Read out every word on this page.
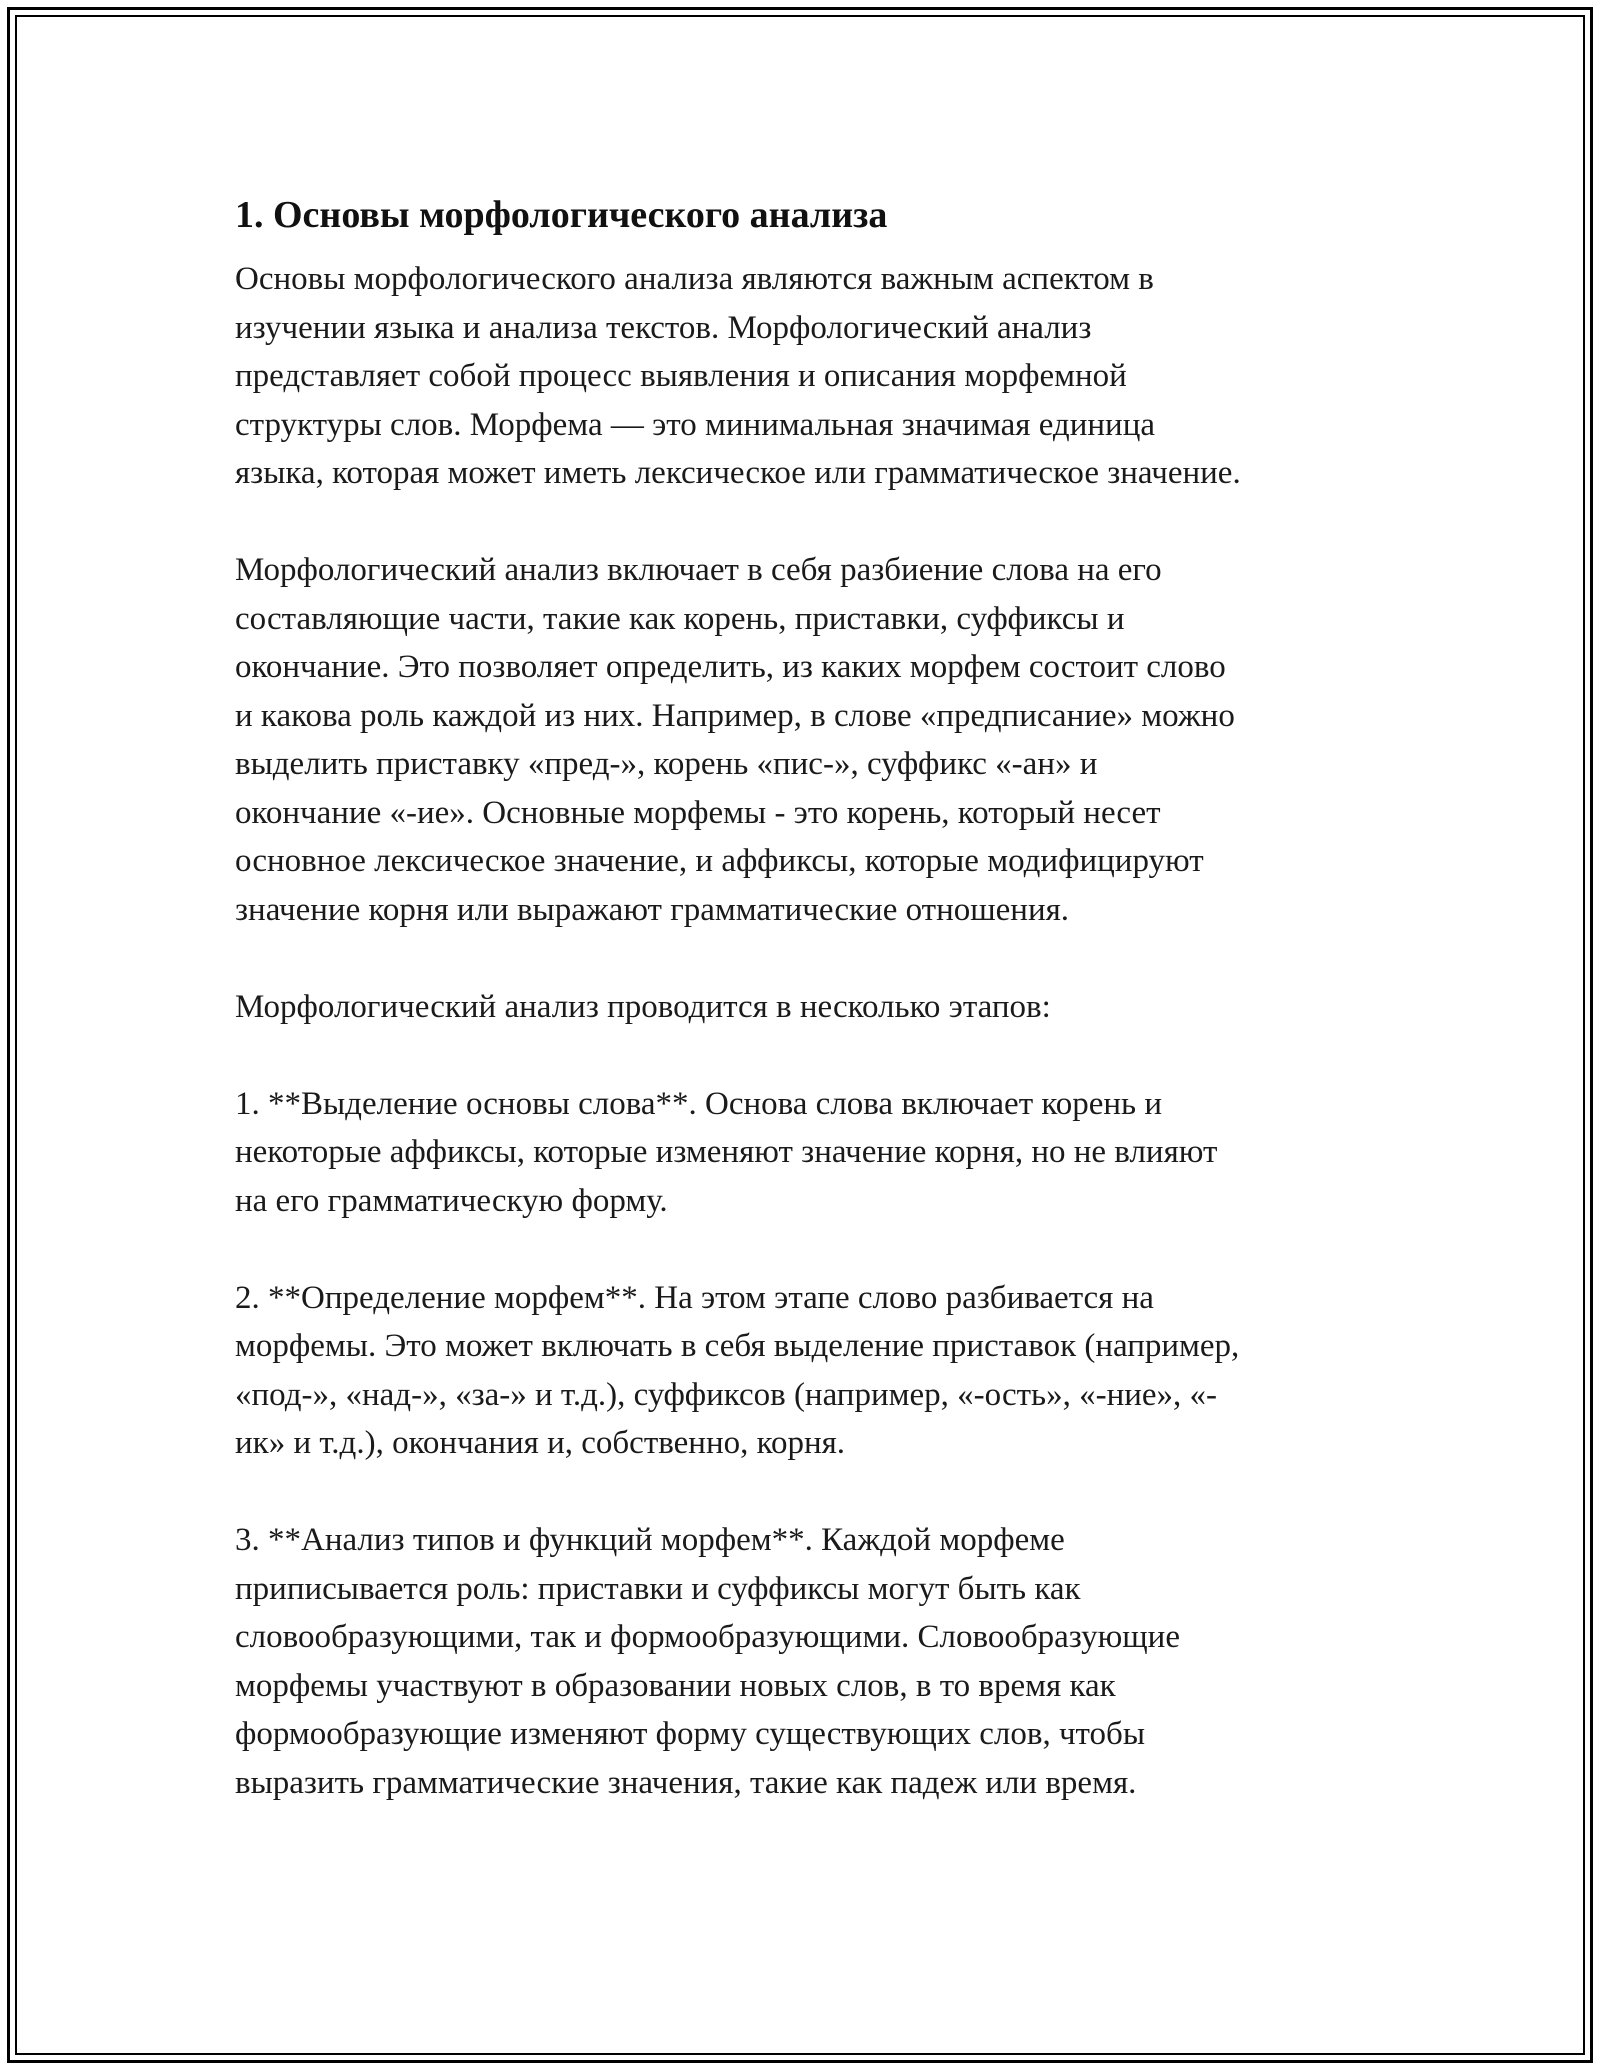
1. Основы морфологического анализа

Основы морфологического анализа являются важным аспектом в
изучении языка и анализа текстов. Морфологический анализ
представляет собой процесс выявления и описания морфемной
структуры слов. Морфема — это минимальная значимая единица
языка, которая может иметь лексическое или грамматическое значение.

Морфологический анализ включает в себя разбиение слова на его
составляющие части, такие как корень, приставки, суффиксы и
окончание. Это позволяет определить, из каких морфем состоит слово
и какова роль каждой из них. Например, в слове «предписание» можно
выделить приставку «пред-», корень «пис-», суффикс «-ан» и
окончание «-ие». Основные морфемы - это корень, который несет
основное лексическое значение, и аффиксы, которые модифицируют
значение корня или выражают грамматические отношения.

Морфологический анализ проводится в несколько этапов:

1. **Выделение основы слова**. Основа слова включает корень и
некоторые аффиксы, которые изменяют значение корня, но не влияют
на его грамматическую форму.

2. **Определение морфем**. На этом этапе слово разбивается на
морфемы. Это может включать в себя выделение приставок (например,
«под-», «над-», «за-» и т.д.), суффиксов (например, «-ость», «-ние», «-
ик» и т.д.), окончания и, собственно, корня.

3. **Анализ типов и функций морфем**. Каждой морфеме
приписывается роль: приставки и суффиксы могут быть как
словообразующими, так и формообразующими. Словообразующие
морфемы участвуют в образовании новых слов, в то время как
формообразующие изменяют форму существующих слов, чтобы
выразить грамматические значения, такие как падеж или время.
